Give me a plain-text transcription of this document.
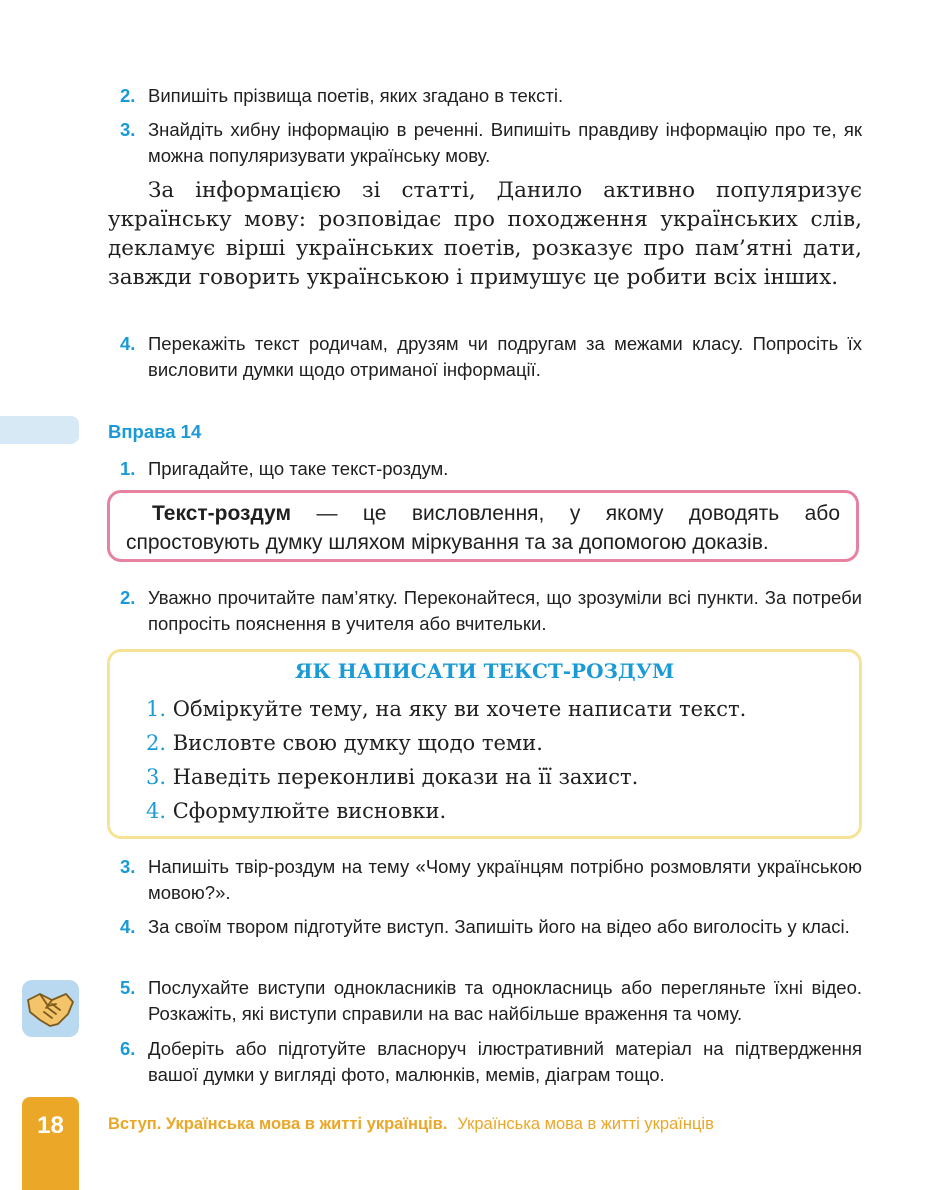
2. Випишіть прізвища поетів, яких згадано в тексті.
3. Знайдіть хибну інформацію в реченні. Випишіть правдиву інформацію про те, як можна популяризувати українську мову.
За інформацією зі статті, Данило активно популяризує українську мову: розповідає про походження українських слів, декламує вірші українських поетів, розказує про пам’ятні дати, завжди говорить українською і примушує це робити всіх інших.
4. Перекажіть текст родичам, друзям чи подругам за межами класу. Попросіть їх висловити думки щодо отриманої інформації.
Вправа 14
1. Пригадайте, що таке текст-роздум.
Текст-роздум — це висловлення, у якому доводять або спростовують думку шляхом міркування та за допомогою доказів.
2. Уважно прочитайте пам’ятку. Переконайтеся, що зрозуміли всі пункти. За потреби попросіть пояснення в учителя або вчительки.
ЯК НАПИСАТИ ТЕКСТ-РОЗДУМ
1. Обміркуйте тему, на яку ви хочете написати текст.
2. Висловте свою думку щодо теми.
3. Наведіть переконливі докази на її захист.
4. Сформулюйте висновки.
3. Напишіть твір-роздум на тему «Чому українцям потрібно розмовляти українською мовою?».
4. За своїм твором підготуйте виступ. Запишіть його на відео або виголосіть у класі.
5. Послухайте виступи однокласників та однокласниць або перегляньте їхні відео. Розкажіть, які виступи справили на вас найбільше враження та чому.
6. Доберіть або підготуйте власноруч ілюстративний матеріал на підтвердження вашої думки у вигляді фото, малюнків, мемів, діаграм тощо.
18	Вступ. Українська мова в житті українців. Українська мова в житті українців
